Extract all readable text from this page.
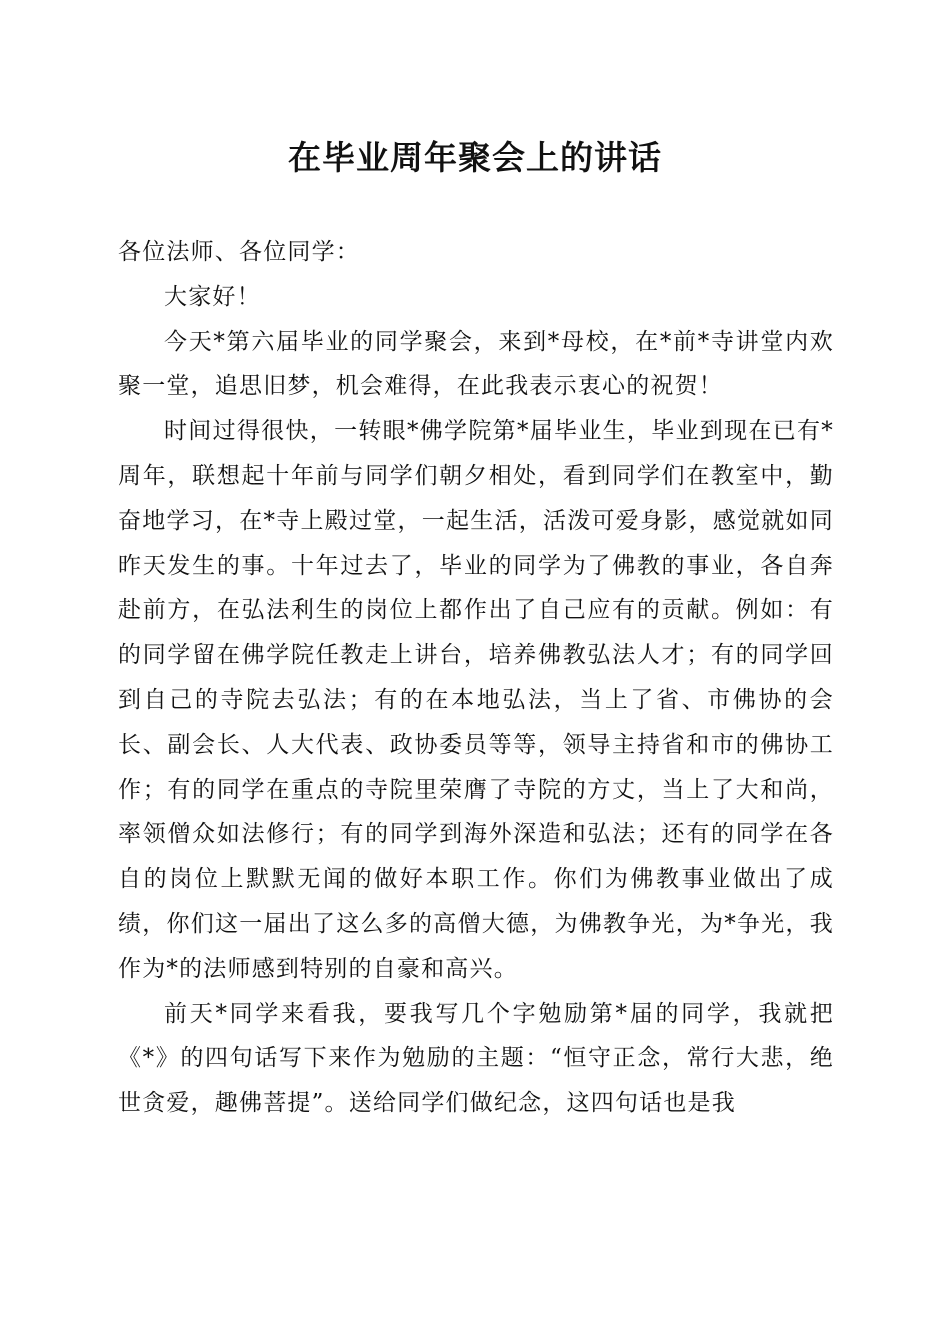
在毕业周年聚会上的讲话

各位法师、各位同学：

大家好！

今天*第六届毕业的同学聚会，来到*母校，在*前*寺讲堂内欢聚一堂，追思旧梦，机会难得，在此我表示衷心的祝贺！

时间过得很快，一转眼*佛学院第*届毕业生，毕业到现在已有*周年，联想起十年前与同学们朝夕相处，看到同学们在教室中，勤奋地学习，在*寺上殿过堂，一起生活，活泼可爱身影，感觉就如同昨天发生的事。十年过去了，毕业的同学为了佛教的事业，各自奔赴前方，在弘法利生的岗位上都作出了自己应有的贡献。例如：有的同学留在佛学院任教走上讲台，培养佛教弘法人才；有的同学回到自己的寺院去弘法；有的在本地弘法，当上了省、市佛协的会长、副会长、人大代表、政协委员等等，领导主持省和市的佛协工作；有的同学在重点的寺院里荣膺了寺院的方丈，当上了大和尚，率领僧众如法修行；有的同学到海外深造和弘法；还有的同学在各自的岗位上默默无闻的做好本职工作。你们为佛教事业做出了成绩，你们这一届出了这么多的高僧大德，为佛教争光，为*争光，我作为*的法师感到特别的自豪和高兴。

前天*同学来看我，要我写几个字勉励第*届的同学，我就把《*》的四句话写下来作为勉励的主题：“恒守正念，常行大悲，绝世贪爱，趣佛菩提”。送给同学们做纪念，这四句话也是我
